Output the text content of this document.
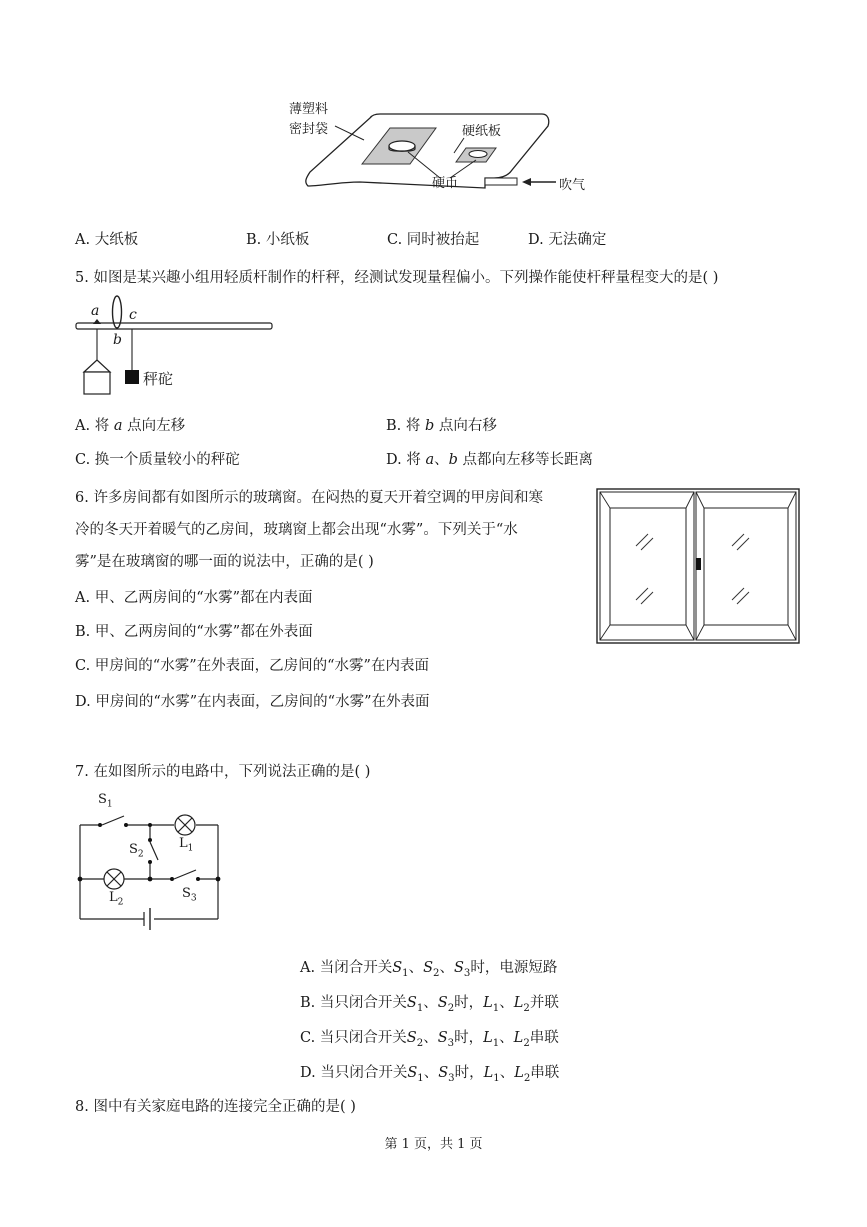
薄塑料
密封袋	硬纸板
硬币	吹气
A. 大纸板	B. 小纸板	C. 同时被抬起	D. 无法确定
5. 如图是某兴趣小组用轻质杆制作的杆秤，经测试发现量程偏小。下列操作能使杆秤量程变大的是( )
a
b
c
秤砣
A. 将 a 点向左移	B. 将 b 点向右移
C. 换一个质量较小的秤砣	D. 将 a、b 点都向左移等长距离
6. 许多房间都有如图所示的玻璃窗。在闷热的夏天开着空调的甲房间和寒
冷的冬天开着暖气的乙房间，玻璃窗上都会出现“水雾”。下列关于“水
雾”是在玻璃窗的哪一面的说法中，正确的是( )
A. 甲、乙两房间的“水雾”都在内表面
B. 甲、乙两房间的“水雾”都在外表面
C. 甲房间的“水雾”在外表面，乙房间的“水雾”在内表面
D. 甲房间的“水雾”在内表面，乙房间的“水雾”在外表面
7. 在如图所示的电路中，下列说法正确的是( )
$S_1$
$S_2$
$S_3$
$L_1$
$L_2$
A. 当闭合开关$S_1$、$S_2$、$S_3$时，电源短路
B. 当只闭合开关$S_1$、$S_2$时，$L_1$、$L_2$并联
C. 当只闭合开关$S_2$、$S_3$时，$L_1$、$L_2$串联
D. 当只闭合开关$S_1$、$S_3$时，$L_1$、$L_2$串联
8. 图中有关家庭电路的连接完全正确的是( )
第 1 页，共 1 页
